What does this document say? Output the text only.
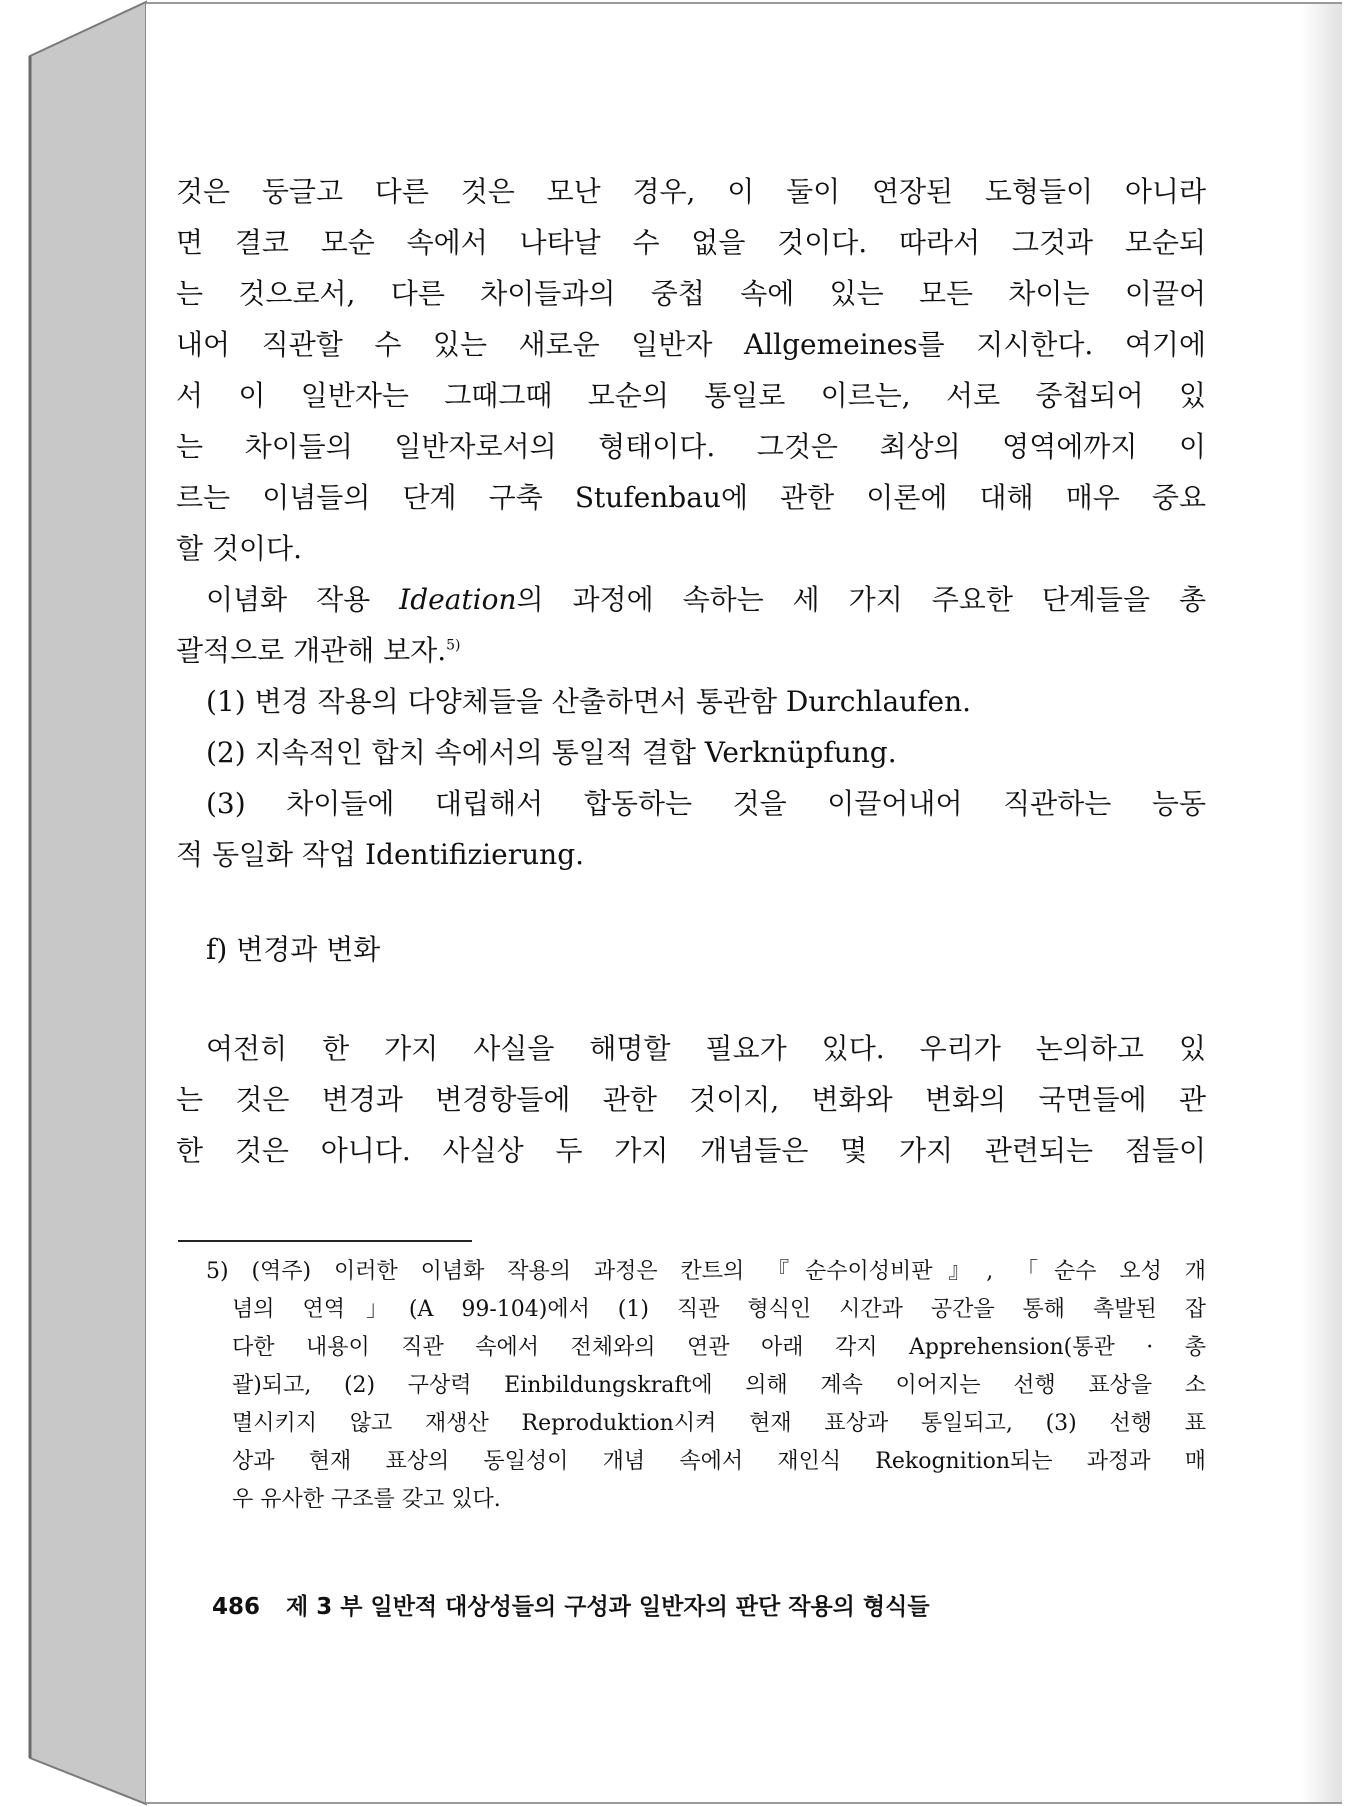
것은 둥글고 다른 것은 모난 경우, 이 둘이 연장된 도형들이 아니라
면 결코 모순 속에서 나타날 수 없을 것이다. 따라서 그것과 모순되
는 것으로서, 다른 차이들과의 중첩 속에 있는 모든 차이는 이끌어
내어 직관할 수 있는 새로운 일반자 Allgemeines를 지시한다. 여기에
서 이 일반자는 그때그때 모순의 통일로 이르는, 서로 중첩되어 있
는 차이들의 일반자로서의 형태이다. 그것은 최상의 영역에까지 이
르는 이념들의 단계 구축 Stufenbau에 관한 이론에 대해 매우 중요
할 것이다.
이념화 작용 Ideation의 과정에 속하는 세 가지 주요한 단계들을 총
괄적으로 개관해 보자.$^{5)}$
(1) 변경 작용의 다양체들을 산출하면서 통관함 Durchlaufen.
(2) 지속적인 합치 속에서의 통일적 결합 Verknüpfung.
(3) 차이들에 대립해서 합동하는 것을 이끌어내어 직관하는 능동
적 동일화 작업 Identifizierung.
f) 변경과 변화
여전히 한 가지 사실을 해명할 필요가 있다. 우리가 논의하고 있
는 것은 변경과 변경항들에 관한 것이지, 변화와 변화의 국면들에 관
한 것은 아니다. 사실상 두 가지 개념들은 몇 가지 관련되는 점들이
5) (역주) 이러한 이념화 작용의 과정은 칸트의 『순수이성비판』, 「순수 오성 개
념의 연역」(A 99-104)에서 (1) 직관 형식인 시간과 공간을 통해 촉발된 잡
다한 내용이 직관 속에서 전체와의 연관 아래 각지 Apprehension(통관 · 총
괄)되고, (2) 구상력 Einbildungskraft에 의해 계속 이어지는 선행 표상을 소
멸시키지 않고 재생산 Reproduktion시켜 현재 표상과 통일되고, (3) 선행 표
상과 현재 표상의 동일성이 개념 속에서 재인식 Rekognition되는 과정과 매
우 유사한 구조를 갖고 있다.
486 제 3 부 일반적 대상성들의 구성과 일반자의 판단 작용의 형식들
